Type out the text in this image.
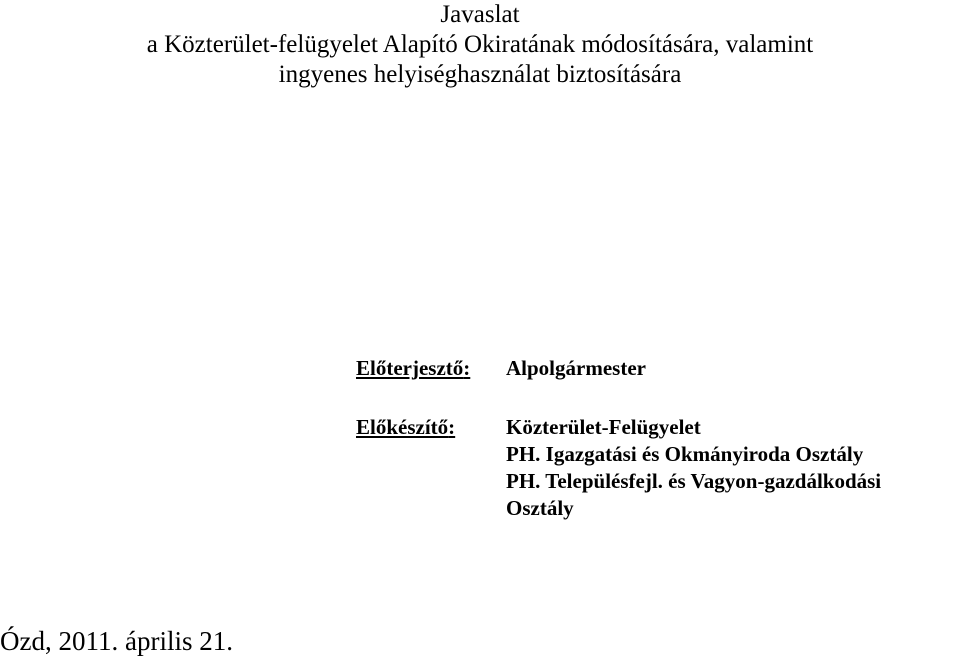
Javaslat
a Közterület-felügyelet Alapító Okiratának módosítására, valamint
ingyenes helyiséghasználat biztosítására
Előterjesztő: Alpolgármester
Előkészítő: Közterület-Felügyelet
PH. Igazgatási és Okmányiroda Osztály
PH. Településfejl. és Vagyon-gazdálkodási
Osztály
Ózd, 2011. április 21.
